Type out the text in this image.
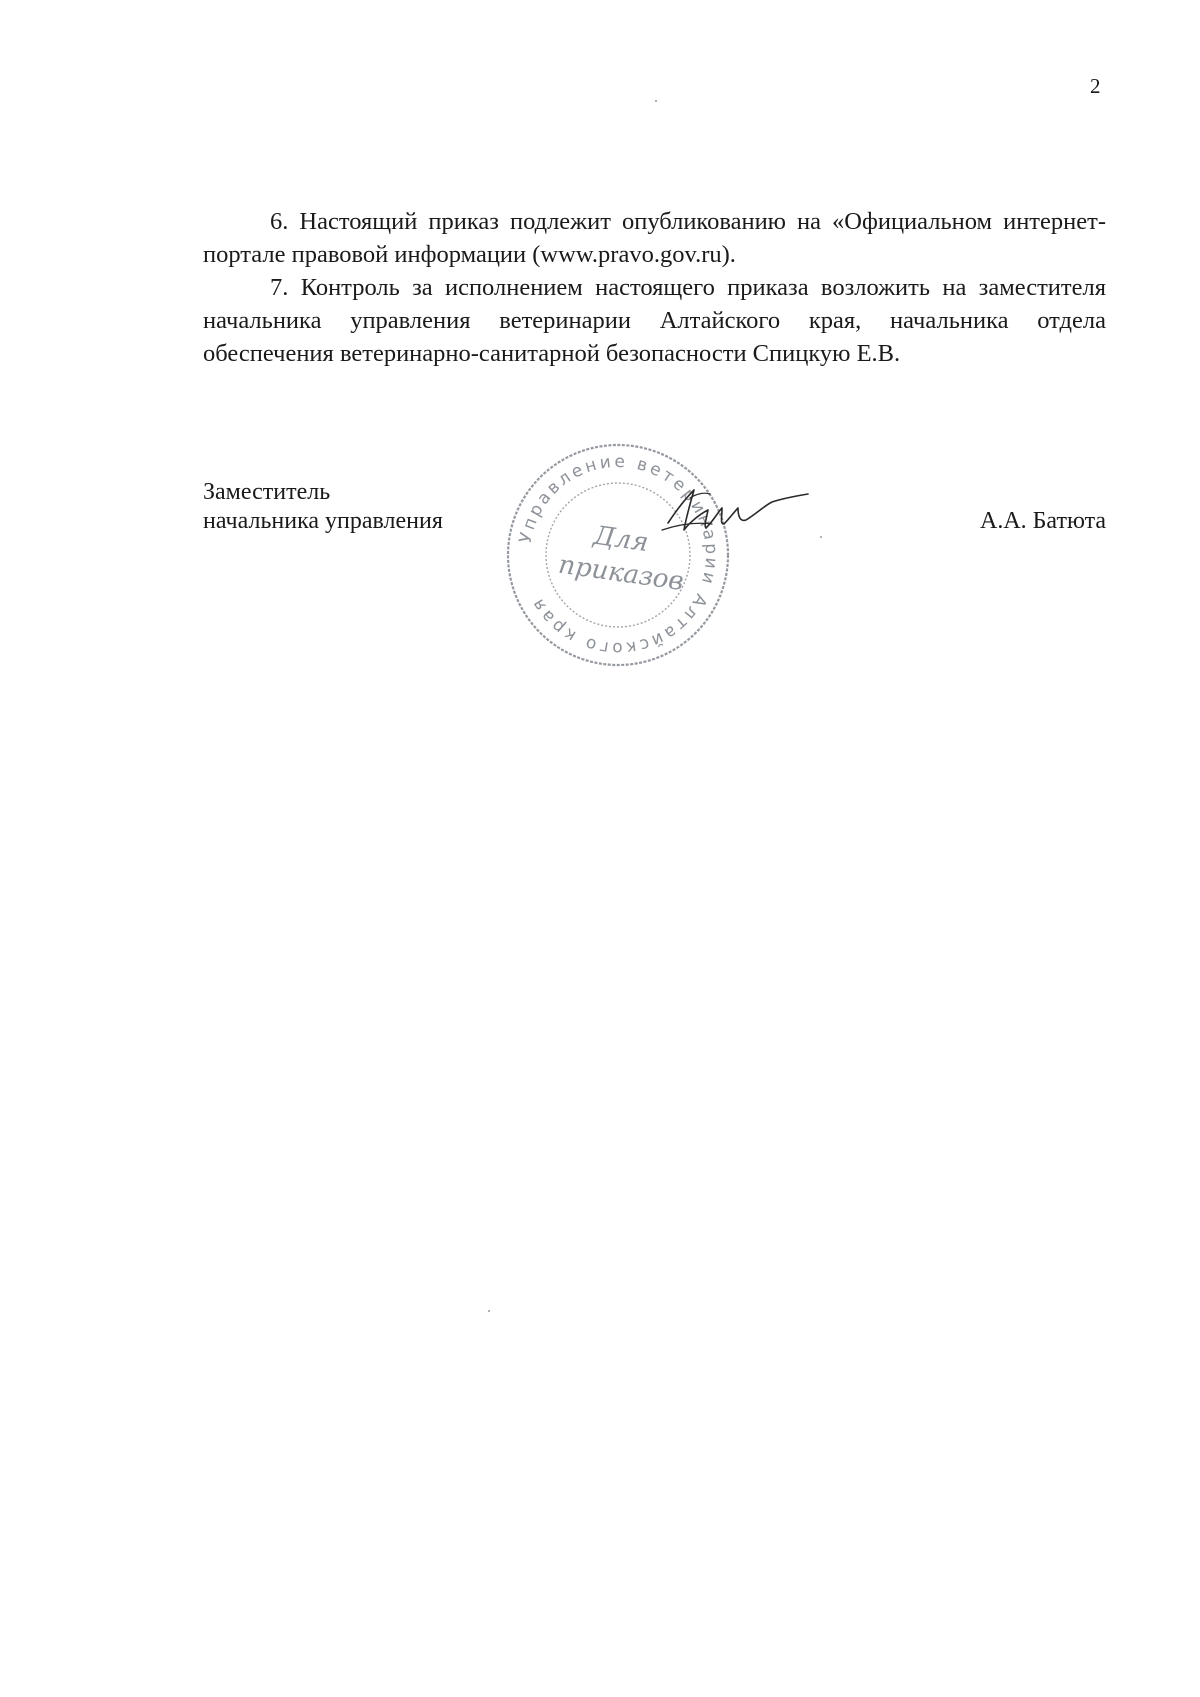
2

6. Настоящий приказ подлежит опубликованию на «Официальном интернет-портале правовой информации (www.pravo.gov.ru).

7. Контроль за исполнением настоящего приказа возложить на заместителя начальника управления ветеринарии Алтайского края, начальника отдела обеспечения ветеринарно-санитарной безопасности Спицкую Е.В.

Заместитель
начальника управления	А.А. Батюта
Управление ветеринарии Алтайского края
Для
приказов
